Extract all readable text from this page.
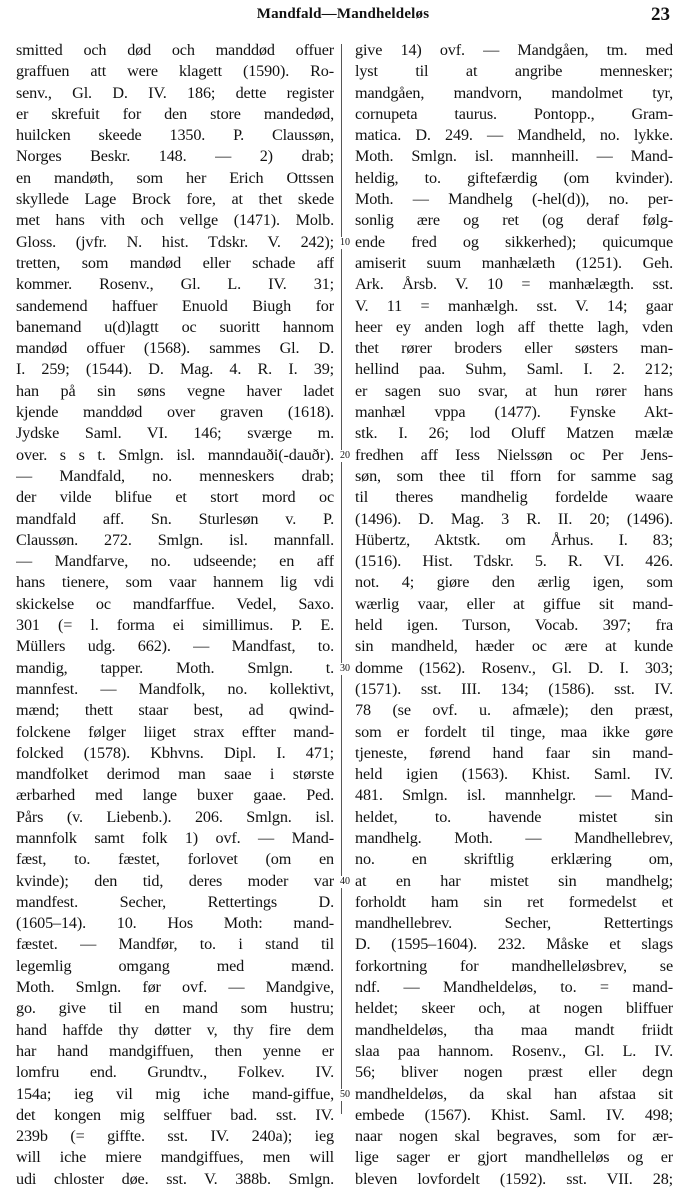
Mandfald—Mandheldeløs	23
smitted och død och manddød offuer
graffuen att were klagett (1590). Ro-
senv., Gl. D. IV. 186; dette register
er skrefuit for den store mandedød,
huilcken skeede 1350. P. Claussøn,
Norges Beskr. 148. — 2) drab;
en mandøth, som her Erich Ottssen
skyllede Lage Brock fore, at thet skede
met hans vith och vellge (1471). Molb.
Gloss. (jvfr. N. hist. Tdskr. V. 242);
tretten, som mandød eller schade aff
kommer. Rosenv., Gl. L. IV. 31;
sandemend haffuer Enuold Biugh for
banemand u(d)lagtt oc suoritt hannom
mandød offuer (1568). sammes Gl. D.
I. 259; (1544). D. Mag. 4. R. I. 39;
han på sin søns vegne haver ladet
kjende manddød over graven (1618).
Jydske Saml. VI. 146; sværge m.
over. s s t. Smlgn. isl. manndauði(-dauðr).
— Mandfald, no. menneskers drab;
der vilde blifue et stort mord oc
mandfald aff. Sn. Sturlesøn v. P.
Claussøn. 272. Smlgn. isl. mannfall.
— Mandfarve, no. udseende; en aff
hans tienere, som vaar hannem lig vdi
skickelse oc mandfarffue. Vedel, Saxo.
301 (= l. forma ei simillimus. P. E.
Müllers udg. 662). — Mandfast, to.
mandig, tapper. Moth. Smlgn. t.
mannfest. — Mandfolk, no. kollektivt,
mænd; thett staar best, ad qwind-
folckene følger liiget strax effter mand-
folcked (1578). Kbhvns. Dipl. I. 471;
mandfolket derimod man saae i største
ærbarhed med lange buxer gaae. Ped.
Pårs (v. Liebenb.). 206. Smlgn. isl.
mannfolk samt folk 1) ovf. — Mand-
fæst, to. fæstet, forlovet (om en
kvinde); den tid, deres moder var
mandfest. Secher, Rettertings D.
(1605–14). 10. Hos Moth: mand-
fæstet. — Mandfør, to. i stand til
legemlig omgang med mænd.
Moth. Smlgn. før ovf. — Mandgive,
go. give til en mand som hustru;
hand haffde thy døtter v, thy fire dem
har hand mandgiffuen, then yenne er
lomfru end. Grundtv., Folkev. IV.
154a; ieg vil mig iche mand-giffue,
det kongen mig selffuer bad. sst. IV.
239b (= giffte. sst. IV. 240a); ieg
will iche miere mandgiffues, men will
udi chloster døe. sst. V. 388b. Smlgn.
10
20
30
40
50
give 14) ovf. — Mandgåen, tm. med
lyst til at angribe mennesker;
mandgåen, mandvorn, mandolmet tyr,
cornupeta taurus. Pontopp., Gram-
matica. D. 249. — Mandheld, no. lykke.
Moth. Smlgn. isl. mannheill. — Mand-
heldig, to. giftefærdig (om kvinder).
Moth. — Mandhelg (-hel(d)), no. per-
sonlig ære og ret (og deraf følg-
ende fred og sikkerhed); quicumque
amiserit suum manhælæth (1251). Geh.
Ark. Årsb. V. 10 = manhælægth. sst.
V. 11 = manhælgh. sst. V. 14; gaar
heer ey anden logh aff thette lagh, vden
thet rører broders eller søsters man-
hellind paa. Suhm, Saml. I. 2. 212;
er sagen suo svar, at hun rører hans
manhæl vppa (1477). Fynske Akt-
stk. I. 26; lod Oluff Matzen mælæ
fredhen aff Iess Nielssøn oc Per Jens-
søn, som thee til fforn for samme sag
til theres mandhelig fordelde waare
(1496). D. Mag. 3 R. II. 20; (1496).
Hübertz, Aktstk. om Århus. I. 83;
(1516). Hist. Tdskr. 5. R. VI. 426.
not. 4; giøre den ærlig igen, som
wærlig vaar, eller at giffue sit mand-
held igen. Turson, Vocab. 397; fra
sin mandheld, hæder oc ære at kunde
domme (1562). Rosenv., Gl. D. I. 303;
(1571). sst. III. 134; (1586). sst. IV.
78 (se ovf. u. afmæle); den præst,
som er fordelt til tinge, maa ikke gøre
tjeneste, førend hand faar sin mand-
held igien (1563). Khist. Saml. IV.
481. Smlgn. isl. mannhelgr. — Mand-
heldet, to. havende mistet sin
mandhelg. Moth. — Mandhellebrev,
no. en skriftlig erklæring om,
at en har mistet sin mandhelg;
forholdt ham sin ret formedelst et
mandhellebrev. Secher, Rettertings
D. (1595–1604). 232. Måske et slags
forkortning for mandhelleløsbrev, se
ndf. — Mandheldeløs, to. = mand-
heldet; skeer och, at nogen bliffuer
mandheldeløs, tha maa mandt friidt
slaa paa hannom. Rosenv., Gl. L. IV.
56; bliver nogen præst eller degn
mandheldeløs, da skal han afstaa sit
embede (1567). Khist. Saml. IV. 498;
naar nogen skal begraves, som for ær-
lige sager er gjort mandhelleløs og er
bleven lovfordelt (1592). sst. VII. 28;
